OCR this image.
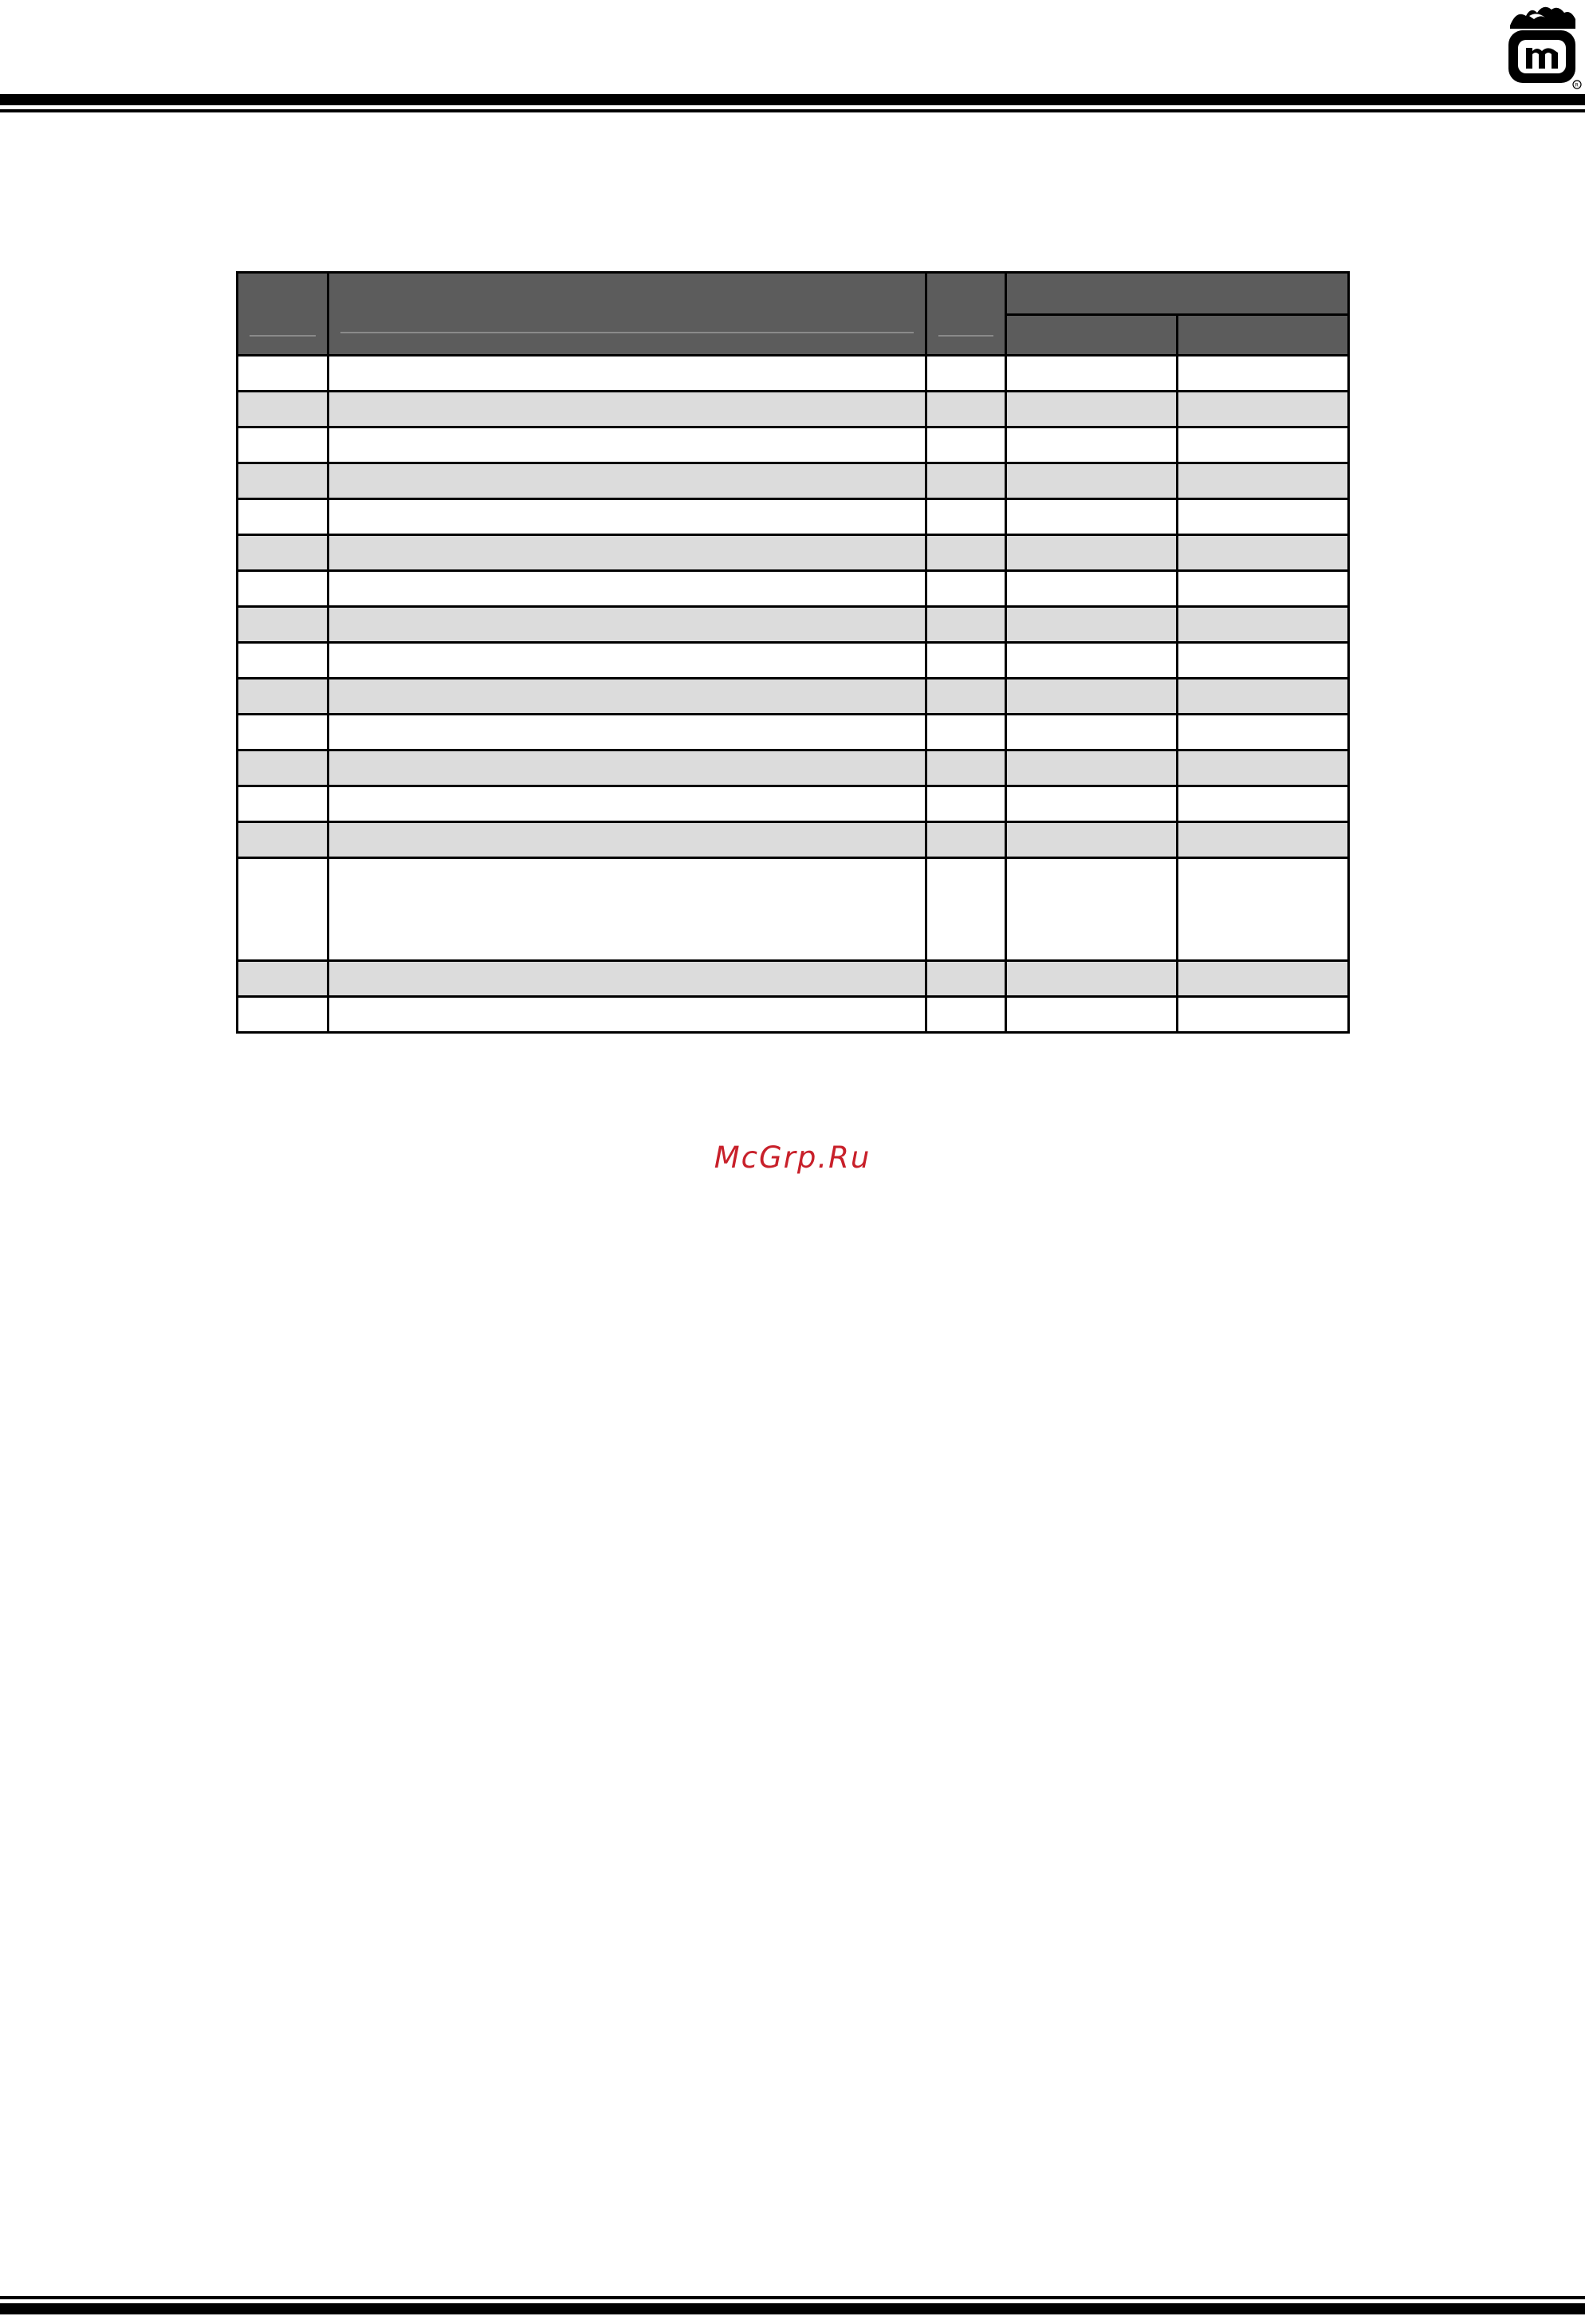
R

McGrp.Ru
